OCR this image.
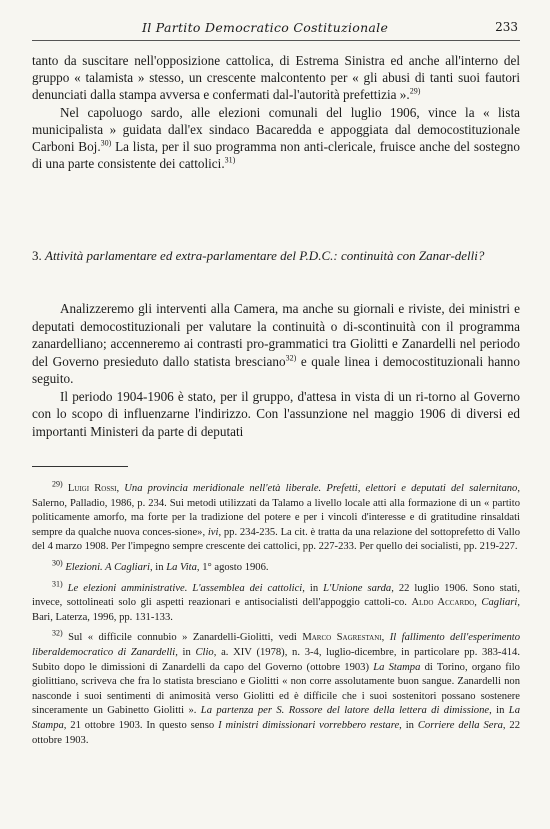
Il Partito Democratico Costituzionale	233

tanto da suscitare nell'opposizione cattolica, di Estrema Sinistra ed anche all'interno del gruppo « talamista » stesso, un crescente malcontento per « gli abusi di tanti suoi fautori denunciati dalla stampa avversa e confermati dal-l'autorità prefettizia ».$^{29)}$

Nel capoluogo sardo, alle elezioni comunali del luglio 1906, vince la « lista municipalista » guidata dall'ex sindaco Bacaredda e appoggiata dal democostituzionale Carboni Boj.$^{30)}$ La lista, per il suo programma non anti-clericale, fruisce anche del sostegno di una parte consistente dei cattolici.$^{31)}$

3. Attività parlamentare ed extra-parlamentare del P.D.C.: continuità con Zanar-delli?

Analizzeremo gli interventi alla Camera, ma anche su giornali e riviste, dei ministri e deputati democostituzionali per valutare la continuità o di-scontinuità con il programma zanardelliano; accenneremo ai contrasti pro-grammatici tra Giolitti e Zanardelli nel periodo del Governo presieduto dallo statista bresciano$^{32)}$ e quale linea i democostituzionali hanno seguito.

Il periodo 1904-1906 è stato, per il gruppo, d'attesa in vista di un ri-torno al Governo con lo scopo di influenzarne l'indirizzo. Con l'assunzione nel maggio 1906 di diversi ed importanti Ministeri da parte di deputati

$^{29)}$ Luigi Rossi, Una provincia meridionale nell'età liberale. Prefetti, elettori e deputati del salernitano, Salerno, Palladio, 1986, p. 234. Sui metodi utilizzati da Talamo a livello locale atti alla formazione di un « partito politicamente amorfo, ma forte per la tradizione del potere e per i vincoli d'interesse e di gratitudine rinsaldati sempre da qualche nuova conces-sione», ivi, pp. 234-235. La cit. è tratta da una relazione del sottoprefetto di Vallo del 4 marzo 1908. Per l'impegno sempre crescente dei cattolici, pp. 227-233. Per quello dei socialisti, pp. 219-227.

$^{30)}$ Elezioni. A Cagliari, in La Vita, 1° agosto 1906.

$^{31)}$ Le elezioni amministrative. L'assemblea dei cattolici, in L'Unione sarda, 22 luglio 1906. Sono stati, invece, sottolineati solo gli aspetti reazionari e antisocialisti dell'appoggio cattoli-co. Aldo Accardo, Cagliari, Bari, Laterza, 1996, pp. 131-133.

$^{32)}$ Sul « difficile connubio » Zanardelli-Giolitti, vedi Marco Sagrestani, Il fallimento dell'esperimento liberaldemocratico di Zanardelli, in Clio, a. XIV (1978), n. 3-4, luglio-dicembre, in particolare pp. 383-414. Subito dopo le dimissioni di Zanardelli da capo del Governo (ottobre 1903) La Stampa di Torino, organo filo giolittiano, scriveva che fra lo statista bresciano e Giolitti « non corre assolutamente buon sangue. Zanardelli non nasconde i suoi sentimenti di animosità verso Giolitti ed è difficile che i suoi sostenitori possano sostenere sinceramente un Gabinetto Giolitti ». La partenza per S. Rossore del latore della lettera di dimissione, in La Stampa, 21 ottobre 1903. In questo senso I ministri dimissionari vorrebbero restare, in Corriere della Sera, 22 ottobre 1903.
